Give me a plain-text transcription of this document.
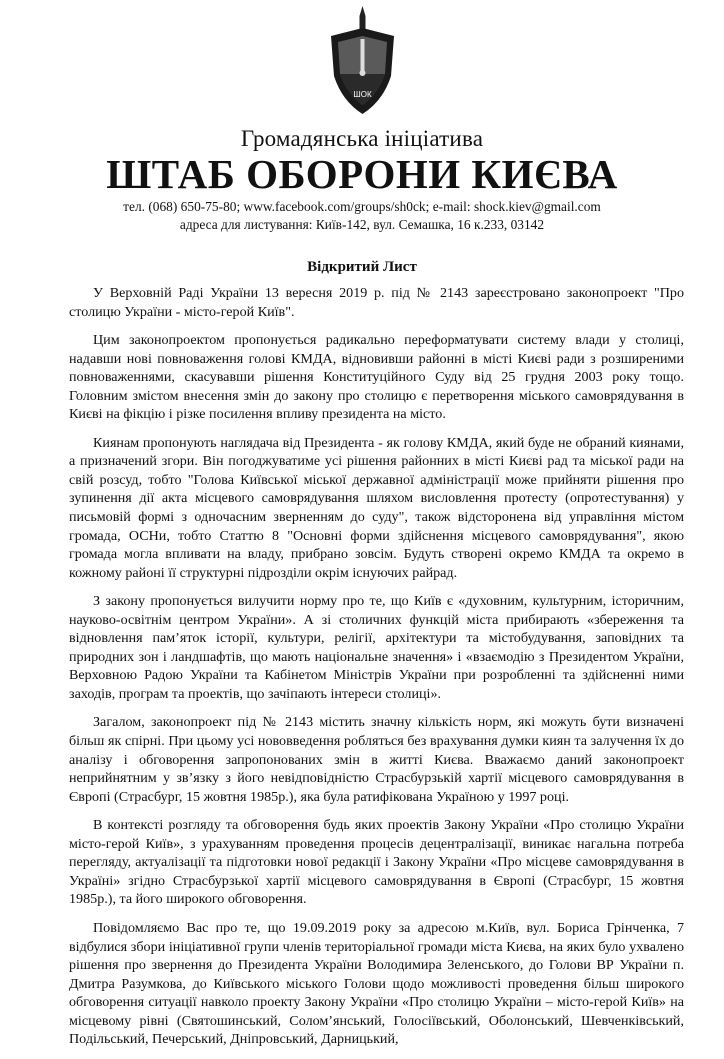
ШОК
Громадянська ініціатива
ШТАБ ОБОРОНИ КИЄВА
тел. (068) 650-75-80; www.facebook.com/groups/sh0ck; e-mail: shock.kiev@gmail.com
адреса для листування: Київ-142, вул. Семашка, 16 к.233, 03142
Відкритий Лист

У Верховній Раді України 13 вересня 2019 р. під № 2143 зареєстровано законопроект "Про столицю України - місто-герой Київ".

Цим законопроектом пропонується радикально переформатувати систему влади у столиці, надавши нові повноваження голові КМДА, відновивши районні в місті Києві ради з розширеними повноваженнями, скасувавши рішення Конституційного Суду від 25 грудня 2003 року тощо. Головним змістом внесення змін до закону про столицю є перетворення міського самоврядування в Києві на фікцію і різке посилення впливу президента на місто.

Киянам пропонують наглядача від Президента - як голову КМДА, який буде не обраний киянами, а призначений згори. Він погоджуватиме усі рішення районних в місті Києві рад та міської ради на свій розсуд, тобто "Голова Київської міської державної адміністрації може прийняти рішення про зупинення дії акта місцевого самоврядування шляхом висловлення протесту (опротестування) у письмовій формі з одночасним зверненням до суду", також відсторонена від управління містом громада, ОСНи, тобто Статтю 8 "Основні форми здійснення місцевого самоврядування", якою громада могла впливати на владу, прибрано зовсім. Будуть створені окремо КМДА та окремо в кожному районі її структурні підрозділи окрім існуючих райрад.

З закону пропонується вилучити норму про те, що Київ є «духовним, культурним, історичним, науково-освітнім центром України». А зі столичних функцій міста прибирають «збереження та відновлення пам’яток історії, культури, релігії, архітектури та містобудування, заповідних та природних зон і ландшафтів, що мають національне значення» і «взаємодію з Президентом України, Верховною Радою України та Кабінетом Міністрів України при розробленні та здійсненні ними заходів, програм та проектів, що зачіпають інтереси столиці».

Загалом, законопроект під № 2143 містить значну кількість норм, які можуть бути визначені більш як спірні. При цьому усі нововведення робляться без врахування думки киян та залучення їх до аналізу і обговорення запропонованих змін в житті Києва. Вважаємо даний законопроект неприйнятним у зв’язку з його невідповідністю Страсбурзькій хартії місцевого самоврядування в Європі (Страсбург, 15 жовтня 1985р.), яка була ратифікована Україною у 1997 році.

В контексті розгляду та обговорення будь яких проектів Закону України «Про столицю України місто-герой Київ», з урахуванням проведення процесів децентралізації, виникає нагальна потреба перегляду, актуалізації та підготовки нової редакції і Закону України «Про місцеве самоврядування в Україні» згідно Страсбурзької хартії місцевого самоврядування в Європі (Страсбург, 15 жовтня 1985р.), та його широкого обговорення.

Повідомляємо Вас про те, що 19.09.2019 року за адресою м.Київ, вул. Бориса Грінченка, 7 відбулися збори ініціативної групи членів територіальної громади міста Києва, на яких було ухвалено рішення про звернення до Президента України Володимира Зеленського, до Голови ВР України п. Дмитра Разумкова, до Київського міського Голови щодо можливості проведення більш широкого обговорення ситуації навколо проекту Закону України «Про столицю України – місто-герой Київ» на місцевому рівні (Святошинський, Солом’янський, Голосіївський, Оболонський, Шевченківський, Подільський, Печерський, Дніпровський, Дарницький,
